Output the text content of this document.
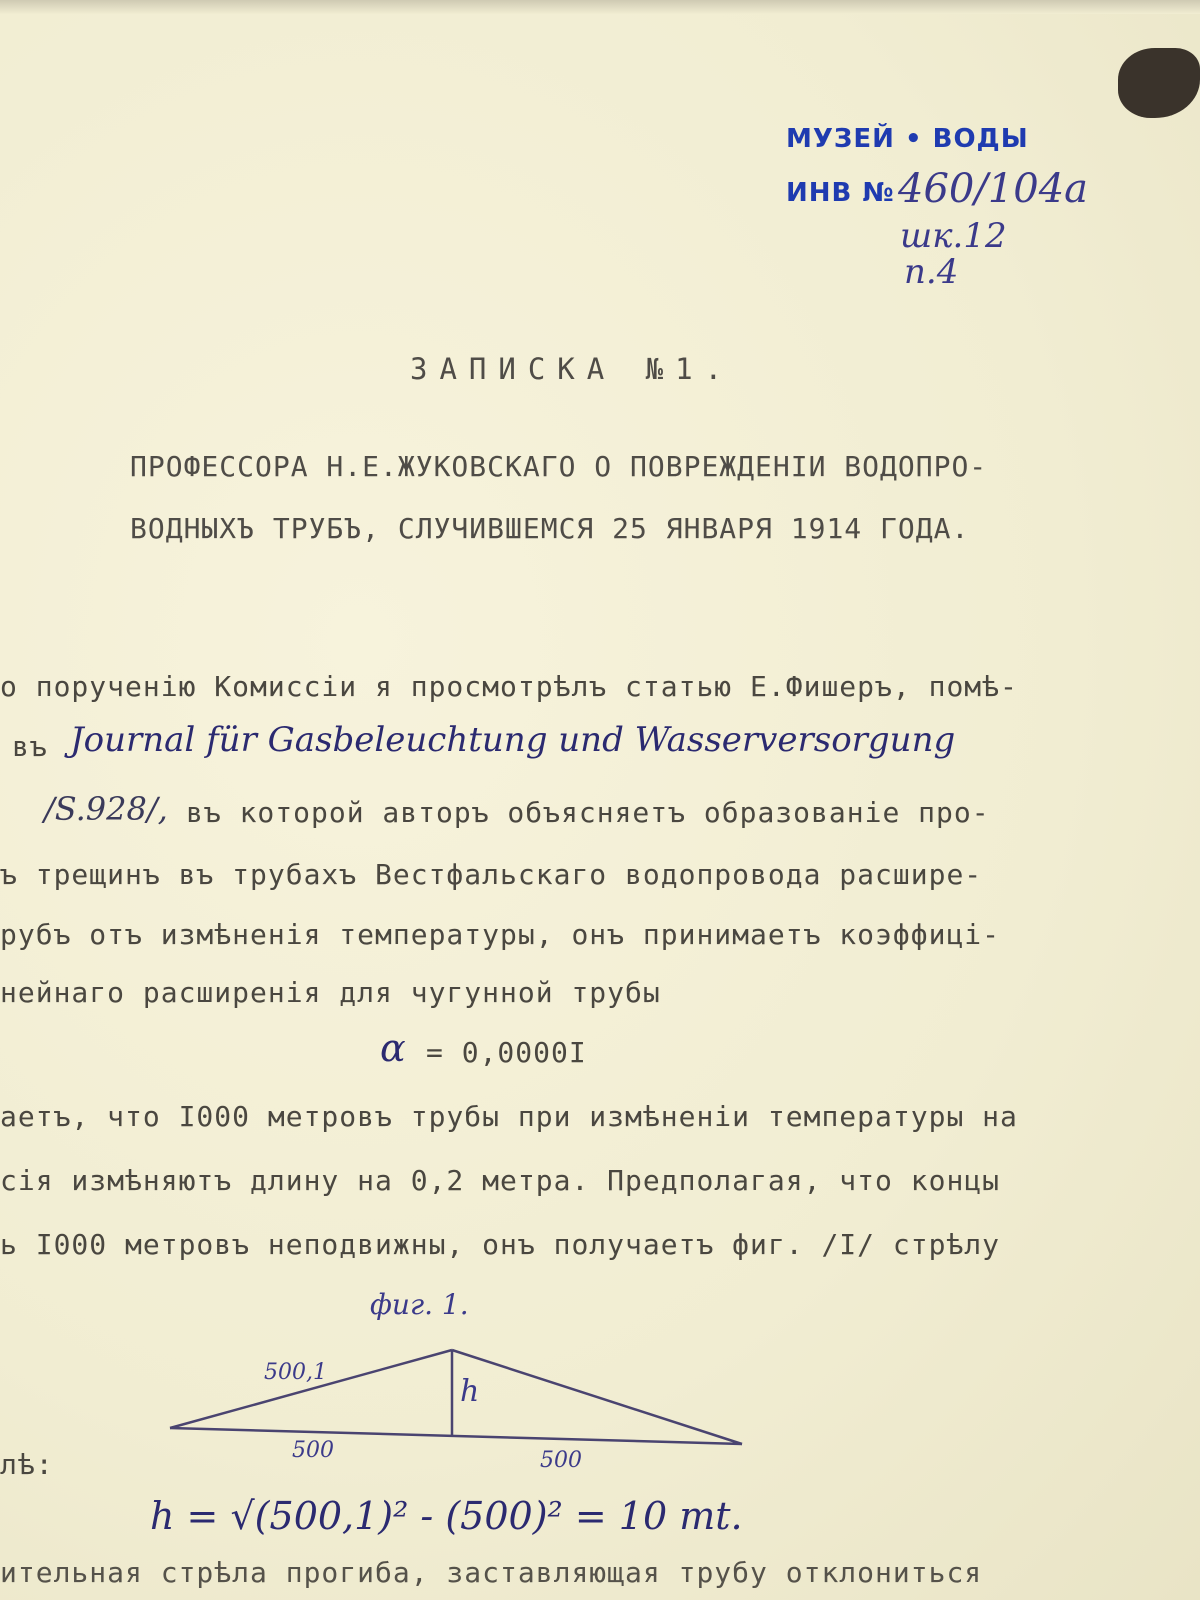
МУЗЕЙ • ВОДЫ
ИНВ № 460/104а
шк.12
п.4
ЗАПИСКА №1.
ПРОФЕССОРА Н.Е.ЖУКОВСКАГО О ПОВРЕЖДЕНІИ ВОДОПРО-
ВОДНЫХЪ ТРУБЪ, СЛУЧИВШЕМСЯ 25 ЯНВАРЯ 1914 ГОДА.
о порученію Комиссіи я просмотрѣлъ статью Е.Фишеръ, помѣ-
въ Journal für Gasbeleuchtung und Wasserversorgung
/S.928/, въ которой авторъ объясняетъ образованіе про-
ъ трещинъ въ трубахъ Вестфальскаго водопровода расшире-
рубъ отъ измѣненія температуры, онъ принимаетъ коэффиці-
нейнаго расширенія для чугунной трубы
α = 0,0000I
аетъ, что I000 метровъ трубы при измѣненіи температуры на
сія измѣняютъ длину на 0,2 метра. Предполагая, что концы
ь I000 метровъ неподвижны, онъ получаетъ фиг. /I/ стрѣлу
фиг. 1.
500,1
h
500	500
лѣ:
h = √(500,1)² - (500)² = 10 mt.
ительная стрѣла прогиба, заставляющая трубу отклониться
